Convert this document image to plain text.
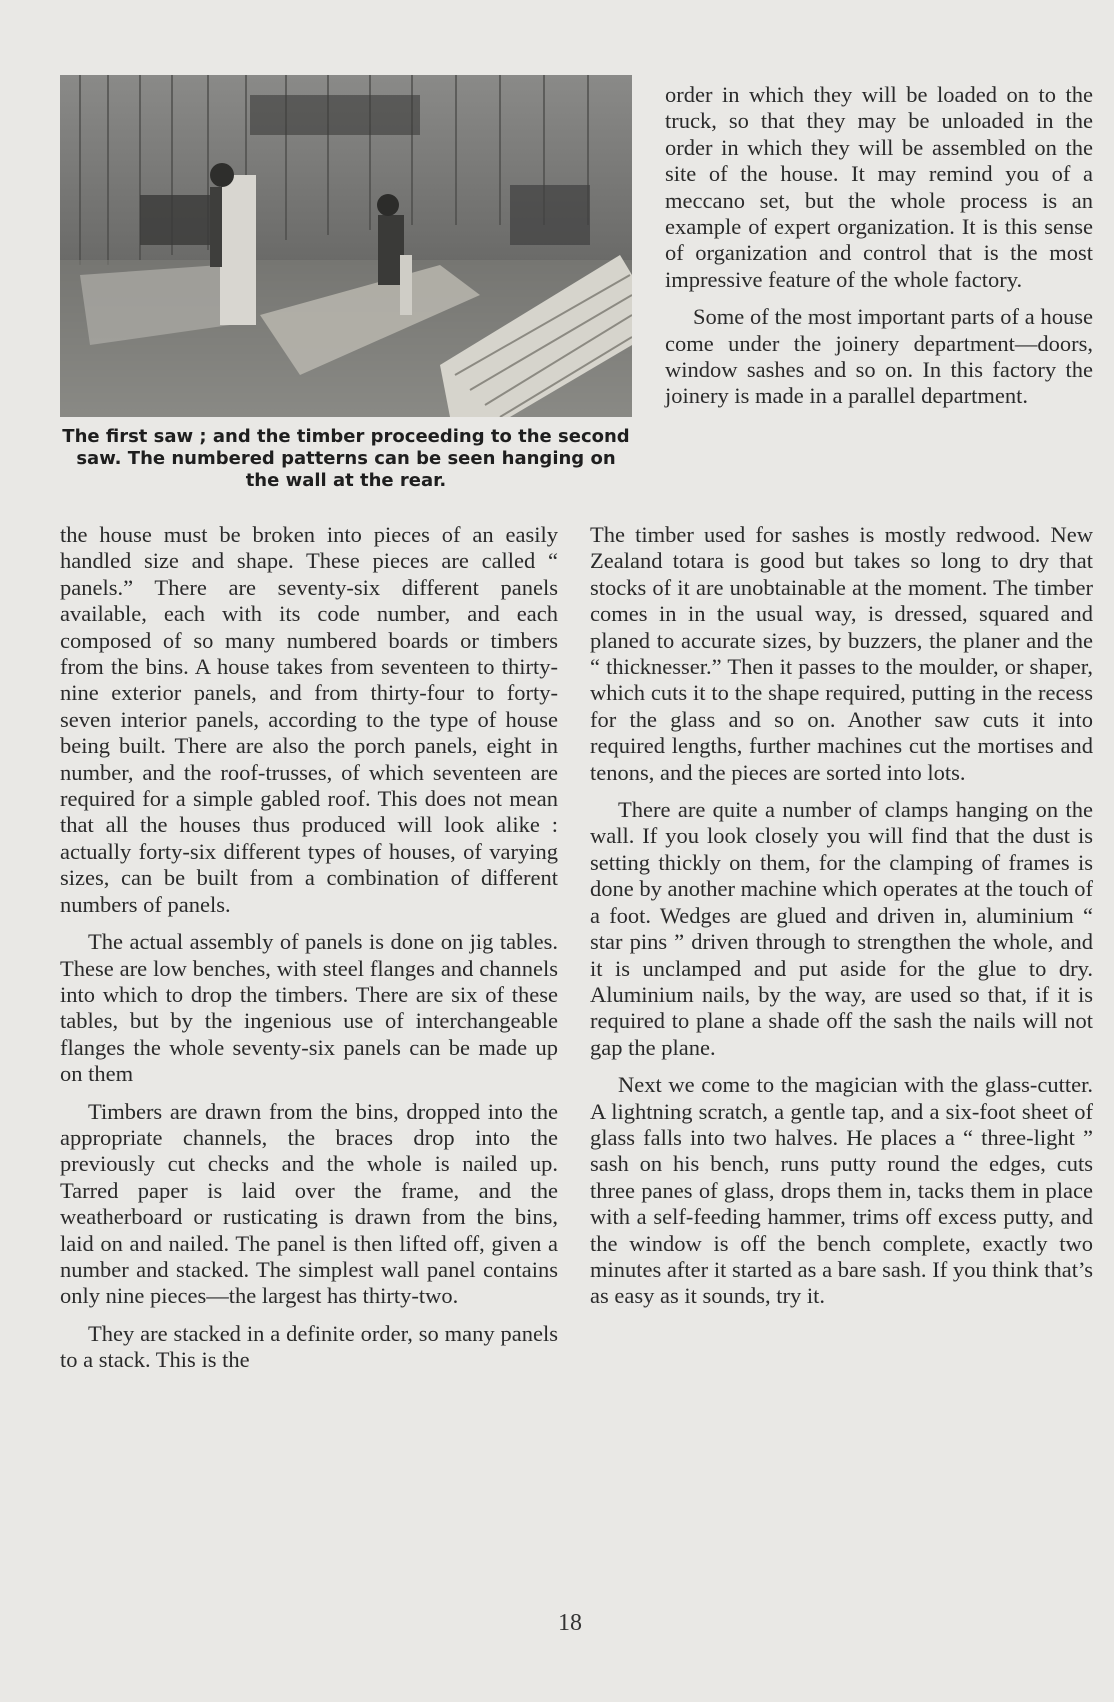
The first saw ; and the timber proceeding to the second saw. The numbered patterns can be seen hanging on the wall at the rear.

order in which they will be loaded on to the truck, so that they may be unloaded in the order in which they will be assembled on the site of the house. It may remind you of a meccano set, but the whole process is an example of expert organization. It is this sense of organization and control that is the most impressive feature of the whole factory.

Some of the most important parts of a house come under the joinery department—doors, window sashes and so on. In this factory the joinery is made in a parallel department.

the house must be broken into pieces of an easily handled size and shape. These pieces are called “ panels.” There are seventy-six different panels available, each with its code number, and each composed of so many numbered boards or timbers from the bins. A house takes from seventeen to thirty-nine exterior panels, and from thirty-four to forty-seven interior panels, according to the type of house being built. There are also the porch panels, eight in number, and the roof-trusses, of which seventeen are required for a simple gabled roof. This does not mean that all the houses thus produced will look alike : actually forty-six different types of houses, of varying sizes, can be built from a combination of different numbers of panels.

The actual assembly of panels is done on jig tables. These are low benches, with steel flanges and channels into which to drop the timbers. There are six of these tables, but by the ingenious use of interchangeable flanges the whole seventy-six panels can be made up on them

Timbers are drawn from the bins, dropped into the appropriate channels, the braces drop into the previously cut checks and the whole is nailed up. Tarred paper is laid over the frame, and the weatherboard or rusticating is drawn from the bins, laid on and nailed. The panel is then lifted off, given a number and stacked. The simplest wall panel contains only nine pieces—the largest has thirty-two.

They are stacked in a definite order, so many panels to a stack. This is the

The timber used for sashes is mostly redwood. New Zealand totara is good but takes so long to dry that stocks of it are unobtainable at the moment. The timber comes in in the usual way, is dressed, squared and planed to accurate sizes, by buzzers, the planer and the “ thicknesser.” Then it passes to the moulder, or shaper, which cuts it to the shape required, putting in the recess for the glass and so on. Another saw cuts it into required lengths, further machines cut the mortises and tenons, and the pieces are sorted into lots.

There are quite a number of clamps hanging on the wall. If you look closely you will find that the dust is setting thickly on them, for the clamping of frames is done by another machine which operates at the touch of a foot. Wedges are glued and driven in, aluminium “ star pins ” driven through to strengthen the whole, and it is unclamped and put aside for the glue to dry. Aluminium nails, by the way, are used so that, if it is required to plane a shade off the sash the nails will not gap the plane.

Next we come to the magician with the glass-cutter. A lightning scratch, a gentle tap, and a six-foot sheet of glass falls into two halves. He places a “ three-light ” sash on his bench, runs putty round the edges, cuts three panes of glass, drops them in, tacks them in place with a self-feeding hammer, trims off excess putty, and the window is off the bench complete, exactly two minutes after it started as a bare sash. If you think that’s as easy as it sounds, try it.

18
